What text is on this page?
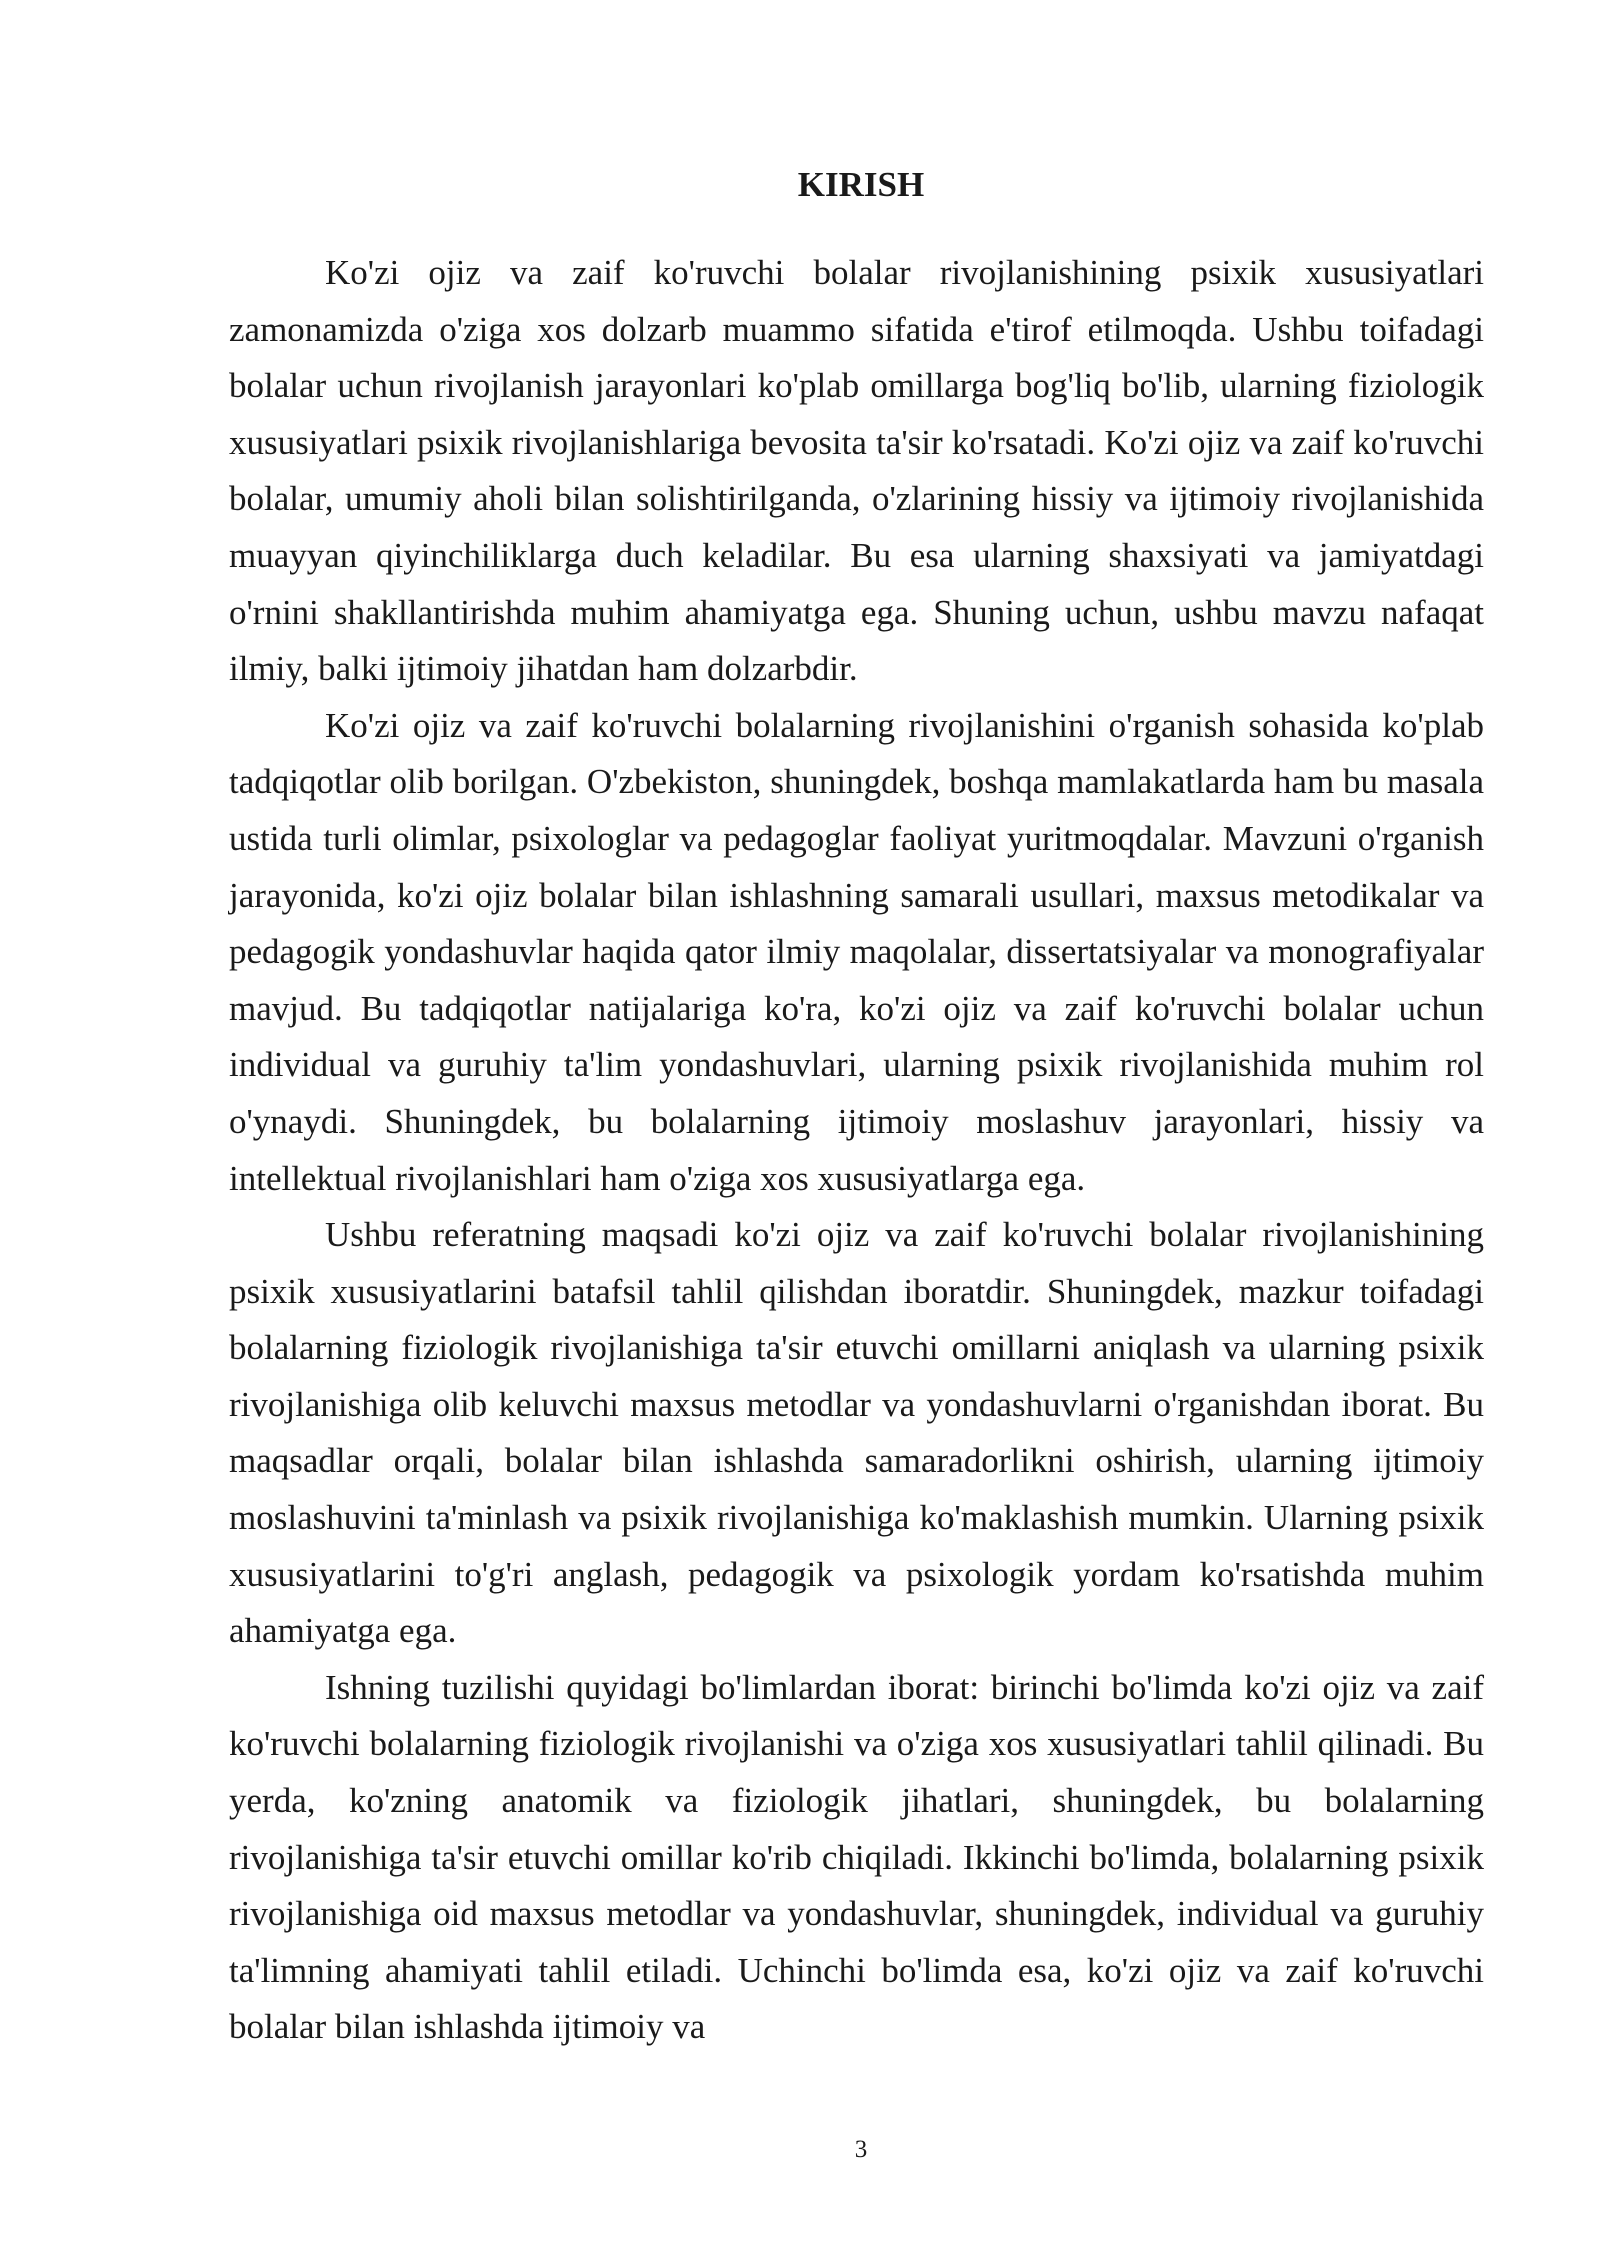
KIRISH

Ko'zi ojiz va zaif ko'ruvchi bolalar rivojlanishining psixik xususiyatlari zamonamizda o'ziga xos dolzarb muammo sifatida e'tirof etilmoqda. Ushbu toifadagi bolalar uchun rivojlanish jarayonlari ko'plab omillarga bog'liq bo'lib, ularning fiziologik xususiyatlari psixik rivojlanishlariga bevosita ta'sir ko'rsatadi. Ko'zi ojiz va zaif ko'ruvchi bolalar, umumiy aholi bilan solishtirilganda, o'zlarining hissiy va ijtimoiy rivojlanishida muayyan qiyinchiliklarga duch keladilar. Bu esa ularning shaxsiyati va jamiyatdagi o'rnini shakllantirishda muhim ahamiyatga ega. Shuning uchun, ushbu mavzu nafaqat ilmiy, balki ijtimoiy jihatdan ham dolzarbdir.

Ko'zi ojiz va zaif ko'ruvchi bolalarning rivojlanishini o'rganish sohasida ko'plab tadqiqotlar olib borilgan. O'zbekiston, shuningdek, boshqa mamlakatlarda ham bu masala ustida turli olimlar, psixologlar va pedagoglar faoliyat yuritmoqdalar. Mavzuni o'rganish jarayonida, ko'zi ojiz bolalar bilan ishlashning samarali usullari, maxsus metodikalar va pedagogik yondashuvlar haqida qator ilmiy maqolalar, dissertatsiyalar va monografiyalar mavjud. Bu tadqiqotlar natijalariga ko'ra, ko'zi ojiz va zaif ko'ruvchi bolalar uchun individual va guruhiy ta'lim yondashuvlari, ularning psixik rivojlanishida muhim rol o'ynaydi. Shuningdek, bu bolalarning ijtimoiy moslashuv jarayonlari, hissiy va intellektual rivojlanishlari ham o'ziga xos xususiyatlarga ega.

Ushbu referatning maqsadi ko'zi ojiz va zaif ko'ruvchi bolalar rivojlanishining psixik xususiyatlarini batafsil tahlil qilishdan iboratdir. Shuningdek, mazkur toifadagi bolalarning fiziologik rivojlanishiga ta'sir etuvchi omillarni aniqlash va ularning psixik rivojlanishiga olib keluvchi maxsus metodlar va yondashuvlarni o'rganishdan iborat. Bu maqsadlar orqali, bolalar bilan ishlashda samaradorlikni oshirish, ularning ijtimoiy moslashuvini ta'minlash va psixik rivojlanishiga ko'maklashish mumkin. Ularning psixik xususiyatlarini to'g'ri anglash, pedagogik va psixologik yordam ko'rsatishda muhim ahamiyatga ega.

Ishning tuzilishi quyidagi bo'limlardan iborat: birinchi bo'limda ko'zi ojiz va zaif ko'ruvchi bolalarning fiziologik rivojlanishi va o'ziga xos xususiyatlari tahlil qilinadi. Bu yerda, ko'zning anatomik va fiziologik jihatlari, shuningdek, bu bolalarning rivojlanishiga ta'sir etuvchi omillar ko'rib chiqiladi. Ikkinchi bo'limda, bolalarning psixik rivojlanishiga oid maxsus metodlar va yondashuvlar, shuningdek, individual va guruhiy ta'limning ahamiyati tahlil etiladi. Uchinchi bo'limda esa, ko'zi ojiz va zaif ko'ruvchi bolalar bilan ishlashda ijtimoiy va

3
